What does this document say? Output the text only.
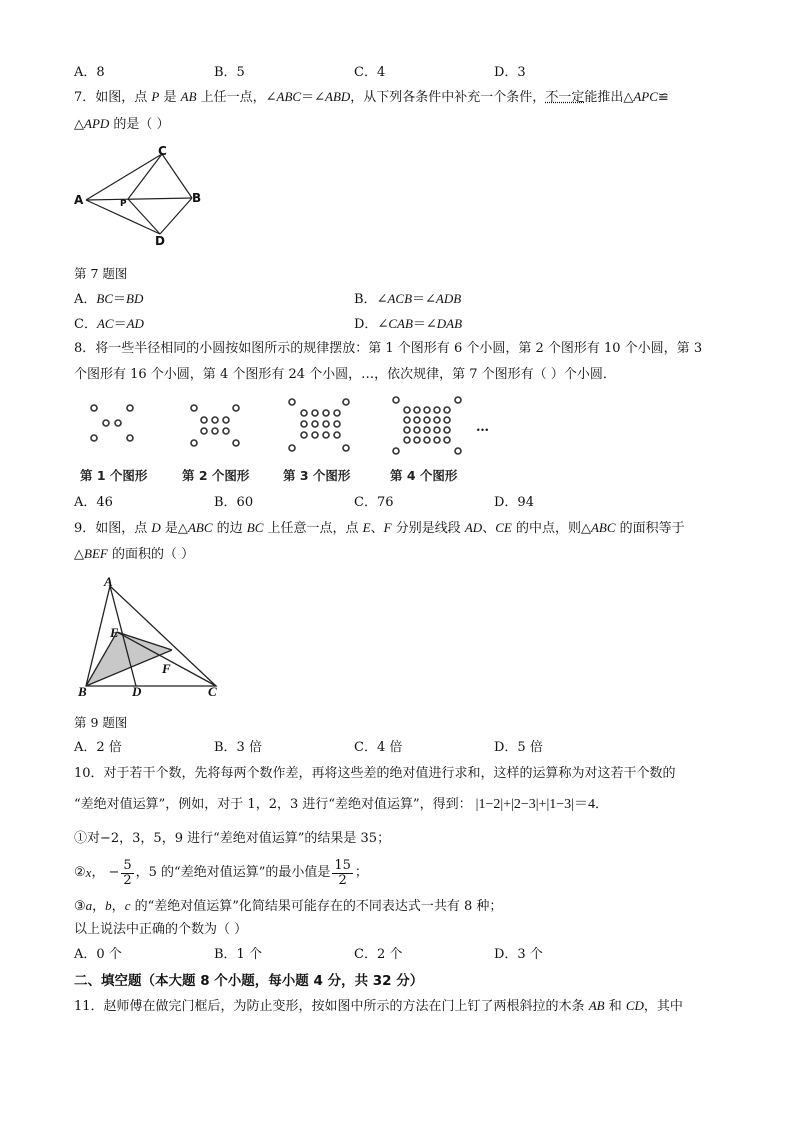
A．8	B．5	C．4	D．3
7．如图，点 P 是 AB 上任一点，∠ABC＝∠ABD，从下列各条件中补充一个条件，不一定能推出△APC≌
△APD 的是（ ）
A
C
B
D
P
第 7 题图
A．BC＝BD	B．∠ACB＝∠ADB
C．AC＝AD	D．∠CAB＝∠DAB
8．将一些半径相同的小圆按如图所示的规律摆放：第 1 个图形有 6 个小圆，第 2 个图形有 10 个小圆，第 3
个图形有 16 个小圆，第 4 个图形有 24 个小圆，…，依次规律，第 7 个图形有（ ）个小圆．
…
第 1 个图形	第 2 个图形	第 3 个图形	第 4 个图形
A．46	B．60	C．76	D．94
9．如图，点 D 是△ABC 的边 BC 上任意一点，点 E、F 分别是线段 AD、CE 的中点，则△ABC 的面积等于
△BEF 的面积的（ ）
A
B	D	C
E
F
第 9 题图
A．2 倍	B．3 倍	C．4 倍	D．5 倍
10．对于若干个数，先将每两个数作差，再将这些差的绝对值进行求和，这样的运算称为对这若干个数的
“差绝对值运算”，例如，对于 1，2，3 进行“差绝对值运算”，得到： |1−2|+|2−3|+|1−3|＝4．
①对−2，3，5，9 进行“差绝对值运算”的结果是 35；
② x ， − $\frac{5}{2}$ ，5 的“差绝对值运算”的最小值是 $\frac{15}{2}$ ；
③a，b，c 的“差绝对值运算”化简结果可能存在的不同表达式一共有 8 种；
以上说法中正确的个数为（ ）
A．0 个	B．1 个	C．2 个	D．3 个
二、填空题（本大题 8 个小题，每小题 4 分，共 32 分）
11．赵师傅在做完门框后，为防止变形，按如图中所示的方法在门上钉了两根斜拉的木条 AB 和 CD，其中
